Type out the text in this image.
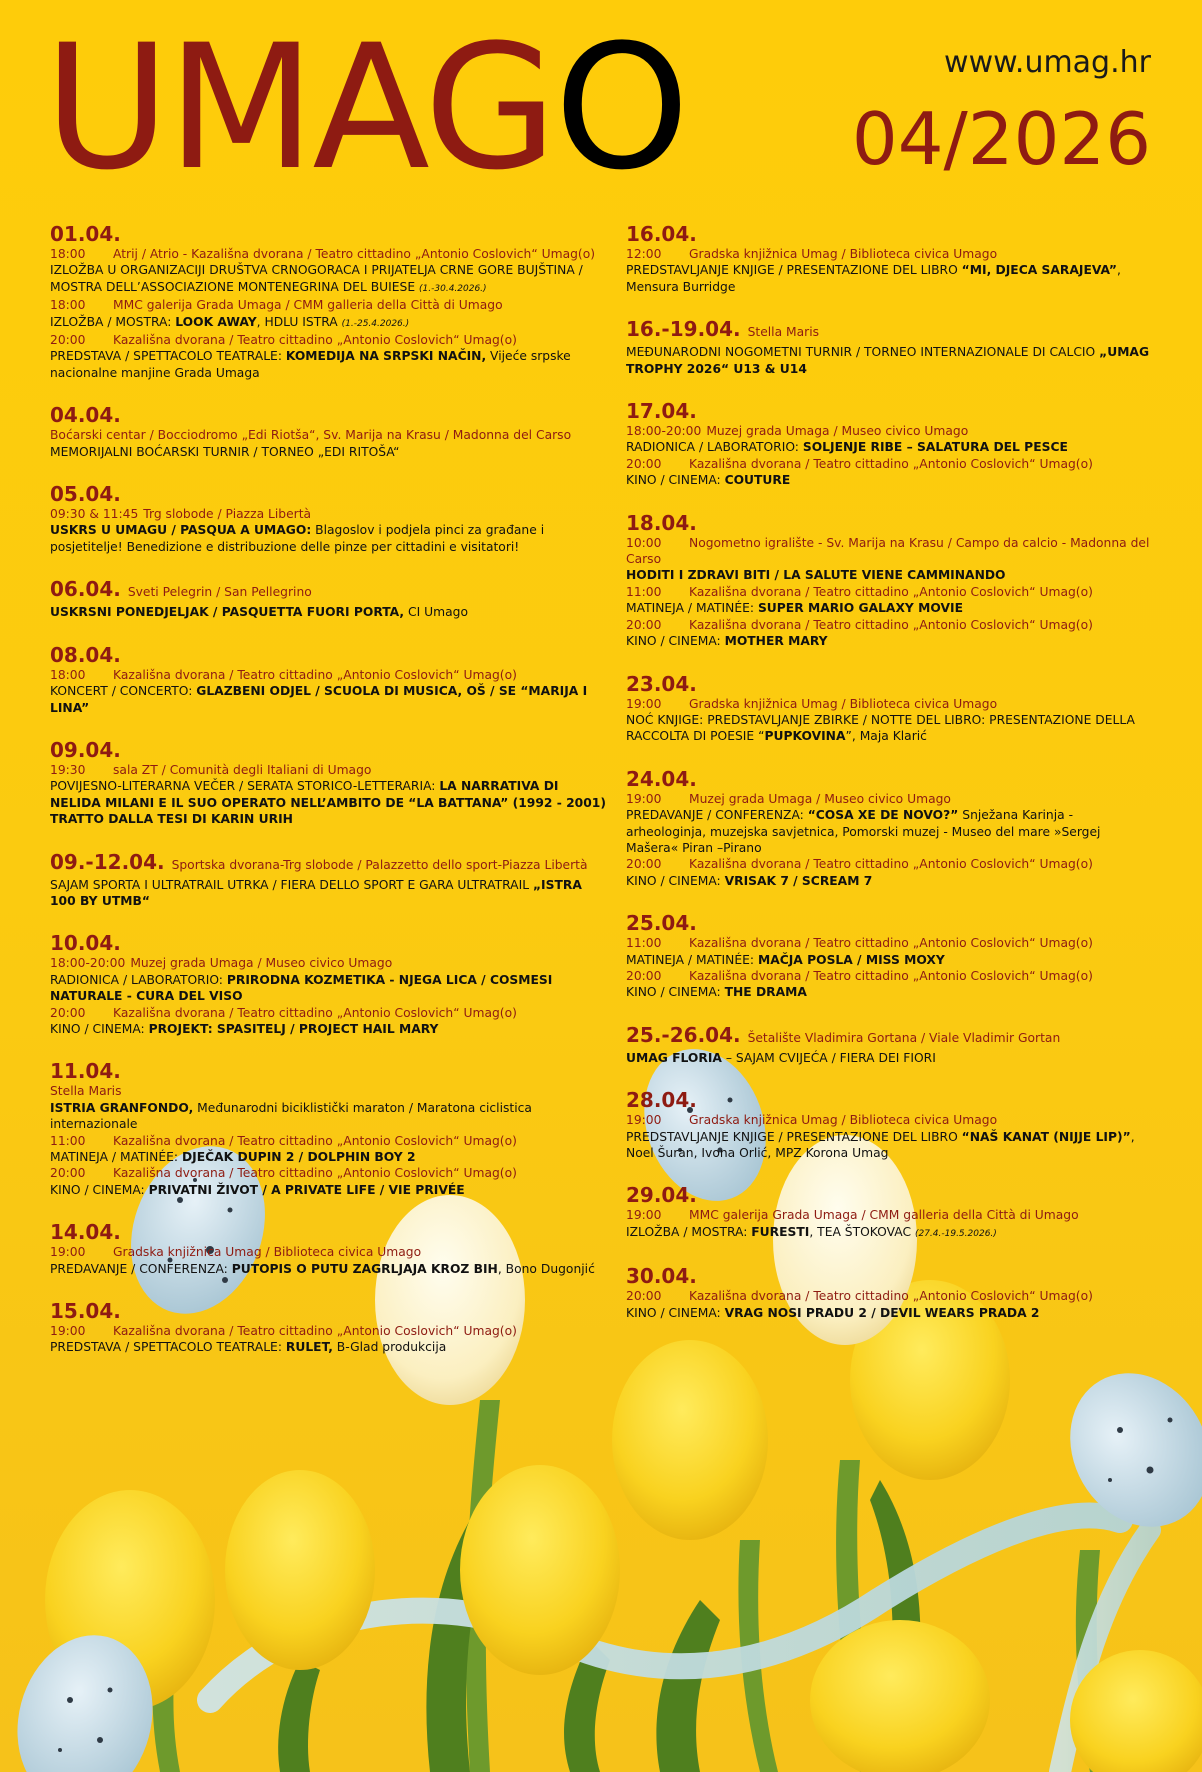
UMAGO	www.umag.hr
04/2026
01.04.
18:00 Atrij / Atrio - Kazališna dvorana / Teatro cittadino „Antonio Coslovich“ Umag(o)
IZLOŽBA U ORGANIZACIJI DRUŠTVA CRNOGORACA I PRIJATELJA CRNE GORE BUJŠTINA / MOSTRA DELL’ASSOCIAZIONE MONTENEGRINA DEL BUIESE (1.-30.4.2026.)
18:00 MMC galerija Grada Umaga / CMM galleria della Città di Umago
IZLOŽBA / MOSTRA: LOOK AWAY, HDLU ISTRA (1.-25.4.2026.)
20:00 Kazališna dvorana / Teatro cittadino „Antonio Coslovich“ Umag(o)
PREDSTAVA / SPETTACOLO TEATRALE: KOMEDIJA NA SRPSKI NAČIN, Vijeće srpske nacionalne manjine Grada Umaga
04.04.
Boćarski centar / Bocciodromo „Edi Riotša“, Sv. Marija na Krasu / Madonna del Carso
MEMORIJALNI BOĆARSKI TURNIR / TORNEO „EDI RITOŠA“
05.04.
09:30 & 11:45 Trg slobode / Piazza Libertà
USKRS U UMAGU / PASQUA A UMAGO: Blagoslov i podjela pinci za građane i posjetitelje! Benedizione e distribuzione delle pinze per cittadini e visitatori!
06.04. Sveti Pelegrin / San Pellegrino
USKRSNI PONEDJELJAK / PASQUETTA FUORI PORTA, CI Umago
08.04.
18:00 Kazališna dvorana / Teatro cittadino „Antonio Coslovich“ Umag(o)
KONCERT / CONCERTO: GLAZBENI ODJEL / SCUOLA DI MUSICA, OŠ / SE “MARIJA I LINA”
09.04.
19:30 sala ZT / Comunità degli Italiani di Umago
POVIJESNO-LITERARNA VEČER / SERATA STORICO-LETTERARIA: LA NARRATIVA DI NELIDA MILANI E IL SUO OPERATO NELL’AMBITO DE “LA BATTANA” (1992 - 2001) TRATTO DALLA TESI DI KARIN URIH
09.-12.04. Sportska dvorana-Trg slobode / Palazzetto dello sport-Piazza Libertà
SAJAM SPORTA I ULTRATRAIL UTRKA / FIERA DELLO SPORT E GARA ULTRATRAIL „ISTRA 100 BY UTMB“
10.04.
18:00-20:00 Muzej grada Umaga / Museo civico Umago
RADIONICA / LABORATORIO: PRIRODNA KOZMETIKA - NJEGA LICA / COSMESI NATURALE - CURA DEL VISO
20:00 Kazališna dvorana / Teatro cittadino „Antonio Coslovich“ Umag(o)
KINO / CINEMA: PROJEKT: SPASITELJ / PROJECT HAIL MARY
11.04.
Stella Maris
ISTRIA GRANFONDO, Međunarodni biciklistički maraton / Maratona ciclistica internazionale
11:00 Kazališna dvorana / Teatro cittadino „Antonio Coslovich“ Umag(o)
MATINEJA / MATINÉE: DJEČAK DUPIN 2 / DOLPHIN BOY 2
20:00 Kazališna dvorana / Teatro cittadino „Antonio Coslovich“ Umag(o)
KINO / CINEMA: PRIVATNI ŽIVOT / A PRIVATE LIFE / VIE PRIVÉE
14.04.
19:00 Gradska knjižnica Umag / Biblioteca civica Umago
PREDAVANJE / CONFERENZA: PUTOPIS O PUTU ZAGRLJAJA KROZ BIH, Bono Dugonjić
15.04.
19:00 Kazališna dvorana / Teatro cittadino „Antonio Coslovich“ Umag(o)
PREDSTAVA / SPETTACOLO TEATRALE: RULET, B-Glad produkcija
16.04.
12:00 Gradska knjižnica Umag / Biblioteca civica Umago
PREDSTAVLJANJE KNJIGE / PRESENTAZIONE DEL LIBRO “MI, DJECA SARAJEVA”, Mensura Burridge
16.-19.04. Stella Maris
MEĐUNARODNI NOGOMETNI TURNIR / TORNEO INTERNAZIONALE DI CALCIO „UMAG TROPHY 2026“ U13 & U14
17.04.
18:00-20:00 Muzej grada Umaga / Museo civico Umago
RADIONICA / LABORATORIO: SOLJENJE RIBE – SALATURA DEL PESCE
20:00 Kazališna dvorana / Teatro cittadino „Antonio Coslovich“ Umag(o)
KINO / CINEMA: COUTURE
18.04.
10:00 Nogometno igralište - Sv. Marija na Krasu / Campo da calcio - Madonna del Carso
HODITI I ZDRAVI BITI / LA SALUTE VIENE CAMMINANDO
11:00 Kazališna dvorana / Teatro cittadino „Antonio Coslovich“ Umag(o)
MATINEJA / MATINÉE: SUPER MARIO GALAXY MOVIE
20:00 Kazališna dvorana / Teatro cittadino „Antonio Coslovich“ Umag(o)
KINO / CINEMA: MOTHER MARY
23.04.
19:00 Gradska knjižnica Umag / Biblioteca civica Umago
NOĆ KNJIGE: PREDSTAVLJANJE ZBIRKE / NOTTE DEL LIBRO: PRESENTAZIONE DELLA RACCOLTA DI POESIE “PUPKOVINA”, Maja Klarić
24.04.
19:00 Muzej grada Umaga / Museo civico Umago
PREDAVANJE / CONFERENZA: “COSA XE DE NOVO?” Snježana Karinja - arheologinja, muzejska savjetnica, Pomorski muzej - Museo del mare »Sergej Mašera« Piran –Pirano
20:00 Kazališna dvorana / Teatro cittadino „Antonio Coslovich“ Umag(o)
KINO / CINEMA: VRISAK 7 / SCREAM 7
25.04.
11:00 Kazališna dvorana / Teatro cittadino „Antonio Coslovich“ Umag(o)
MATINEJA / MATINÉE: MAČJA POSLA / MISS MOXY
20:00 Kazališna dvorana / Teatro cittadino „Antonio Coslovich“ Umag(o)
KINO / CINEMA: THE DRAMA
25.-26.04. Šetalište Vladimira Gortana / Viale Vladimir Gortan
UMAG FLORIA – SAJAM CVIJEĆA / FIERA DEI FIORI
28.04.
19:00 Gradska knjižnica Umag / Biblioteca civica Umago
PREDSTAVLJANJE KNJIGE / PRESENTAZIONE DEL LIBRO “NAŠ KANAT (NIJJE LIP)”, Noel Šuran, Ivona Orlić, MPZ Korona Umag
29.04.
19:00 MMC galerija Grada Umaga / CMM galleria della Città di Umago
IZLOŽBA / MOSTRA: FURESTI, TEA ŠTOKOVAC (27.4.-19.5.2026.)
30.04.
20:00 Kazališna dvorana / Teatro cittadino „Antonio Coslovich“ Umag(o)
KINO / CINEMA: VRAG NOSI PRADU 2 / DEVIL WEARS PRADA 2
